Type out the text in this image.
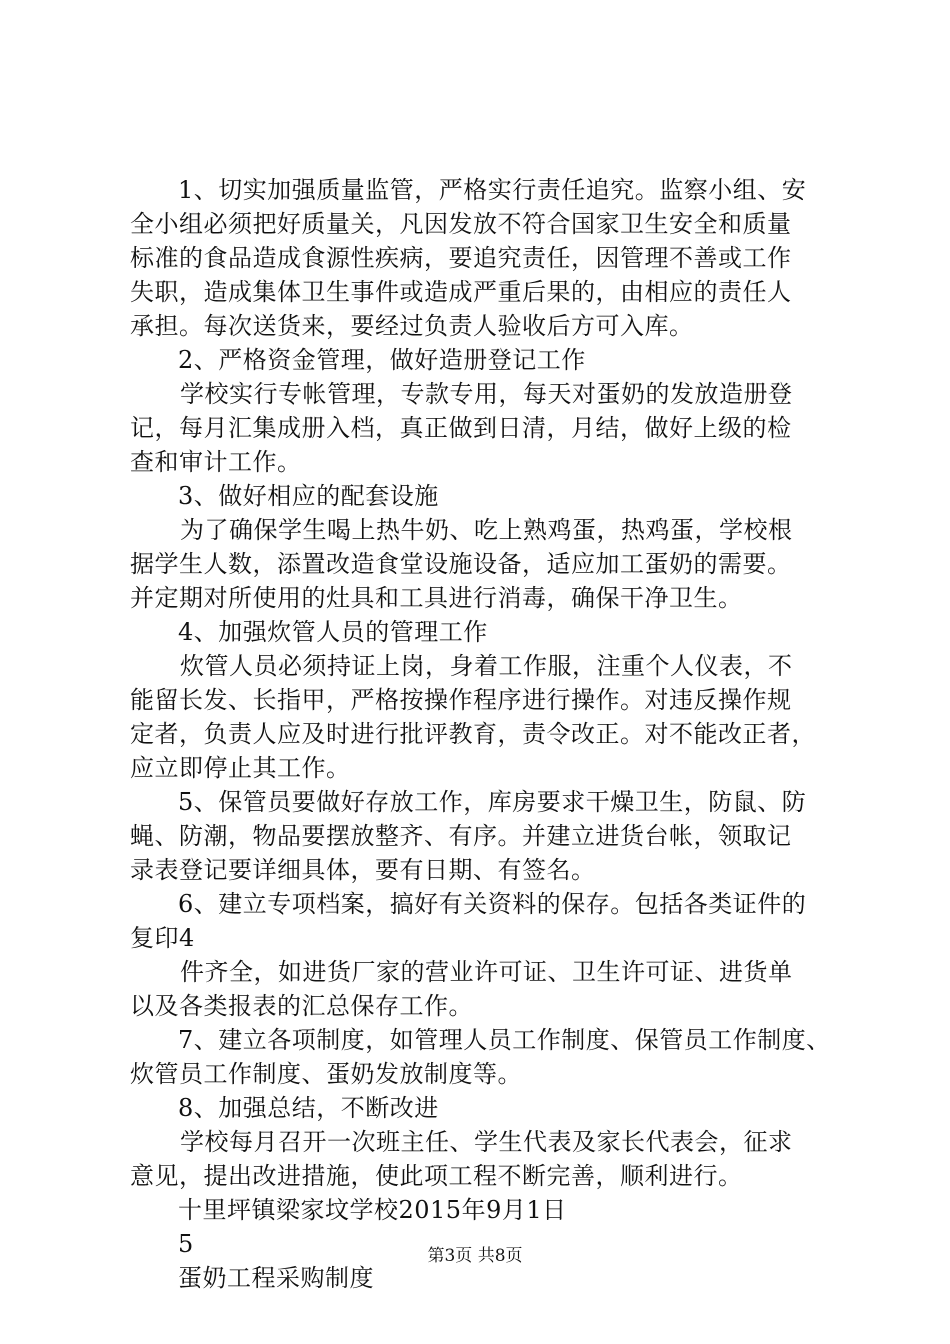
1、切实加强质量监管，严格实行责任追究。监察小组、安
全小组必须把好质量关，凡因发放不符合国家卫生安全和质量
标准的食品造成食源性疾病，要追究责任，因管理不善或工作
失职，造成集体卫生事件或造成严重后果的，由相应的责任人
承担。每次送货来，要经过负责人验收后方可入库。
2、严格资金管理，做好造册登记工作
学校实行专帐管理，专款专用，每天对蛋奶的发放造册登
记，每月汇集成册入档，真正做到日清，月结，做好上级的检
查和审计工作。
3、做好相应的配套设施
为了确保学生喝上热牛奶、吃上熟鸡蛋，热鸡蛋，学校根
据学生人数，添置改造食堂设施设备，适应加工蛋奶的需要。
并定期对所使用的灶具和工具进行消毒，确保干净卫生。
4、加强炊管人员的管理工作
炊管人员必须持证上岗，身着工作服，注重个人仪表，不
能留长发、长指甲，严格按操作程序进行操作。对违反操作规
定者，负责人应及时进行批评教育，责令改正。对不能改正者，
应立即停止其工作。
5、保管员要做好存放工作，库房要求干燥卫生，防鼠、防
蝇、防潮，物品要摆放整齐、有序。并建立进货台帐，领取记
录表登记要详细具体，要有日期、有签名。
6、建立专项档案，搞好有关资料的保存。包括各类证件的
复印4
件齐全，如进货厂家的营业许可证、卫生许可证、进货单
以及各类报表的汇总保存工作。
7、建立各项制度，如管理人员工作制度、保管员工作制度、
炊管员工作制度、蛋奶发放制度等。
8、加强总结，不断改进
学校每月召开一次班主任、学生代表及家长代表会，征求
意见，提出改进措施，使此项工程不断完善，顺利进行。
十里坪镇梁家坟学校2015年9月1日
5
蛋奶工程采购制度
第3页 共8页
